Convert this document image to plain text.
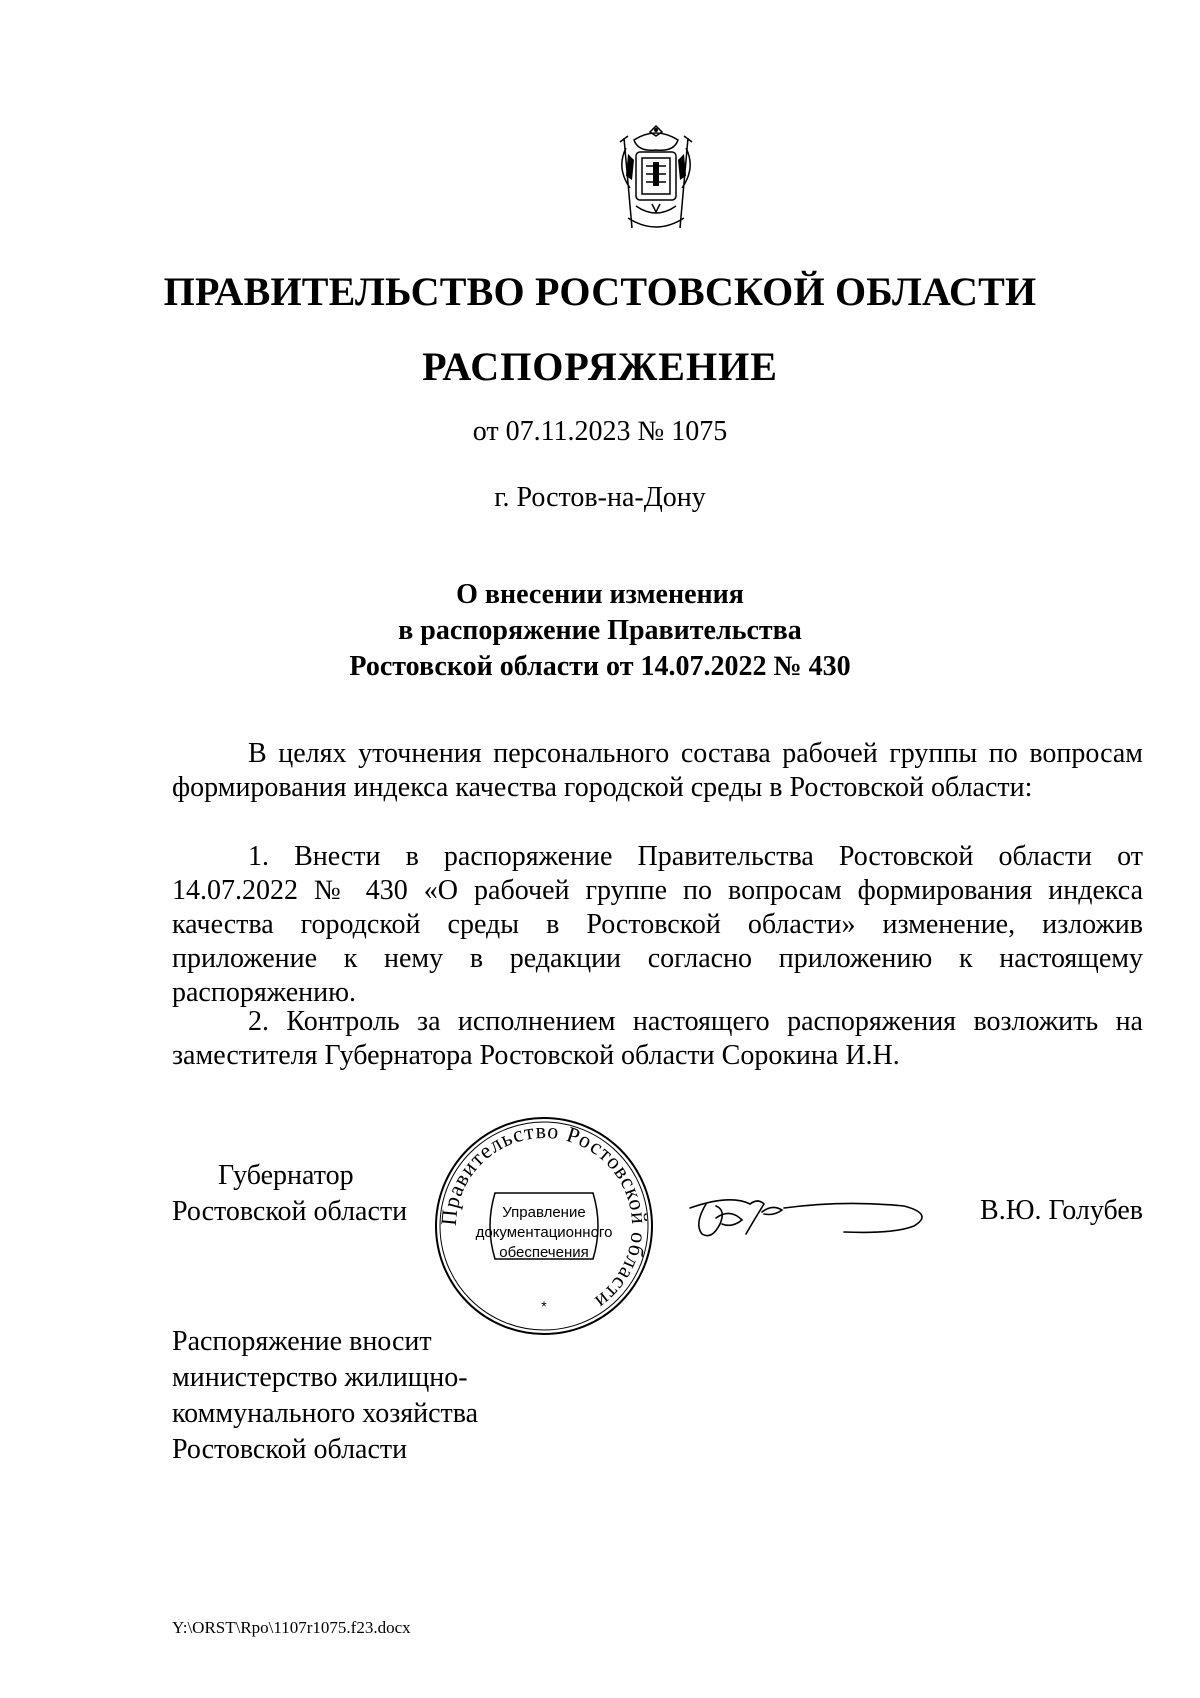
ПРАВИТЕЛЬСТВО РОСТОВСКОЙ ОБЛАСТИ
РАСПОРЯЖЕНИЕ

от 07.11.2023 № 1075

г. Ростов-на-Дону

О внесении изменения
в распоряжение Правительства
Ростовской области от 14.07.2022 № 430

В целях уточнения персонального состава рабочей группы по вопросам формирования индекса качества городской среды в Ростовской области:

1. Внести в распоряжение Правительства Ростовской области от 14.07.2022 № 430 «О рабочей группе по вопросам формирования индекса качества городской среды в Ростовской области» изменение, изложив приложение к нему в редакции согласно приложению к настоящему распоряжению.

2. Контроль за исполнением настоящего распоряжения возложить на заместителя Губернатора Ростовской области Сорокина И.Н.

Губернатор
Ростовской области Правительство Ростовской области
Управление
документационного
обеспечения
*
В.Ю. Голубев
Распоряжение вносит
министерство жилищно-
коммунального хозяйства
Ростовской области
Y:\ORST\Rpo\1107r1075.f23.docx
